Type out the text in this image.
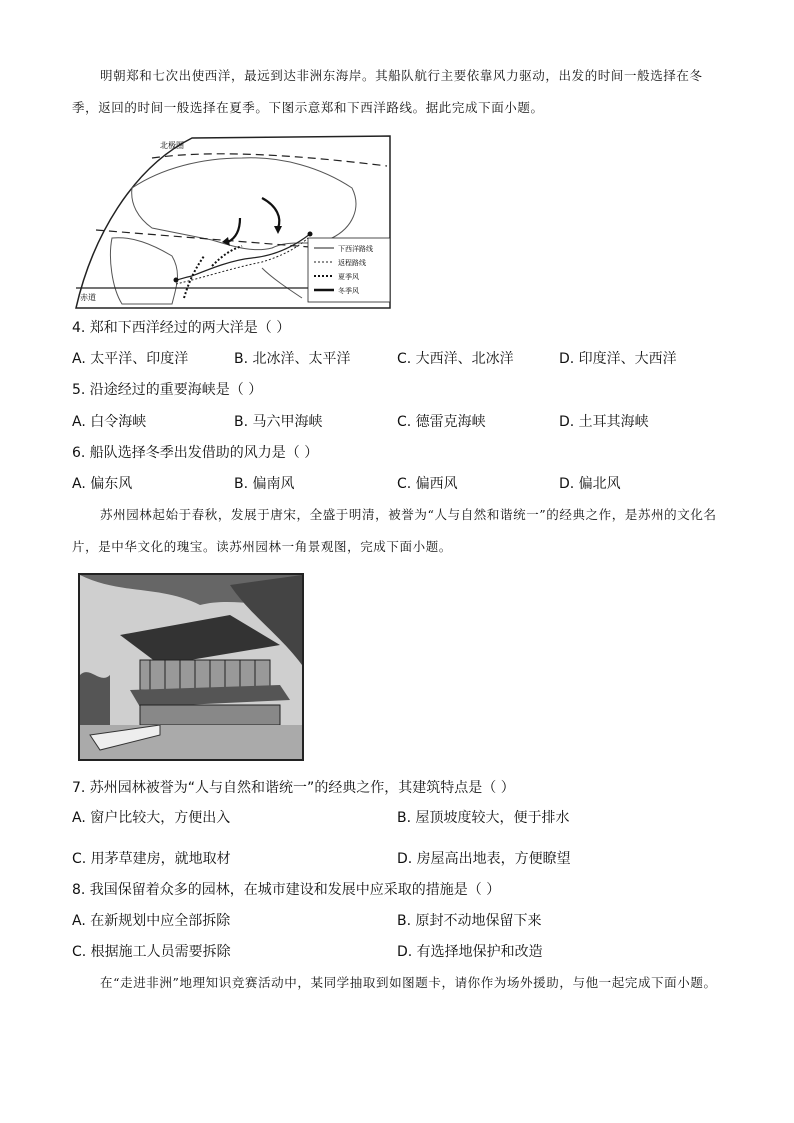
明朝郑和七次出使西洋，最远到达非洲东海岸。其船队航行主要依靠风力驱动，出发的时间一般选择在冬季，返回的时间一般选择在夏季。下图示意郑和下西洋路线。据此完成下面小题。
北极圈
赤道
下西洋路线
返程路线
夏季风
冬季风
4. 郑和下西洋经过的两大洋是（ ）
A. 太平洋、印度洋	B. 北冰洋、太平洋	C. 大西洋、北冰洋	D. 印度洋、大西洋
5. 沿途经过的重要海峡是（ ）
A. 白令海峡	B. 马六甲海峡	C. 德雷克海峡	D. 土耳其海峡
6. 船队选择冬季出发借助的风力是（ ）
A. 偏东风	B. 偏南风	C. 偏西风	D. 偏北风
苏州园林起始于春秋，发展于唐宋，全盛于明清，被誉为“人与自然和谐统一”的经典之作，是苏州的文化名片，是中华文化的瑰宝。读苏州园林一角景观图，完成下面小题。
7. 苏州园林被誉为“人与自然和谐统一”的经典之作，其建筑特点是（ ）
A. 窗户比较大，方便出入	B. 屋顶坡度较大，便于排水
C. 用茅草建房，就地取材	D. 房屋高出地表，方便瞭望
8. 我国保留着众多的园林，在城市建设和发展中应采取的措施是（ ）
A. 在新规划中应全部拆除	B. 原封不动地保留下来
C. 根据施工人员需要拆除	D. 有选择地保护和改造
在“走进非洲”地理知识竞赛活动中，某同学抽取到如图题卡，请你作为场外援助，与他一起完成下面小题。
